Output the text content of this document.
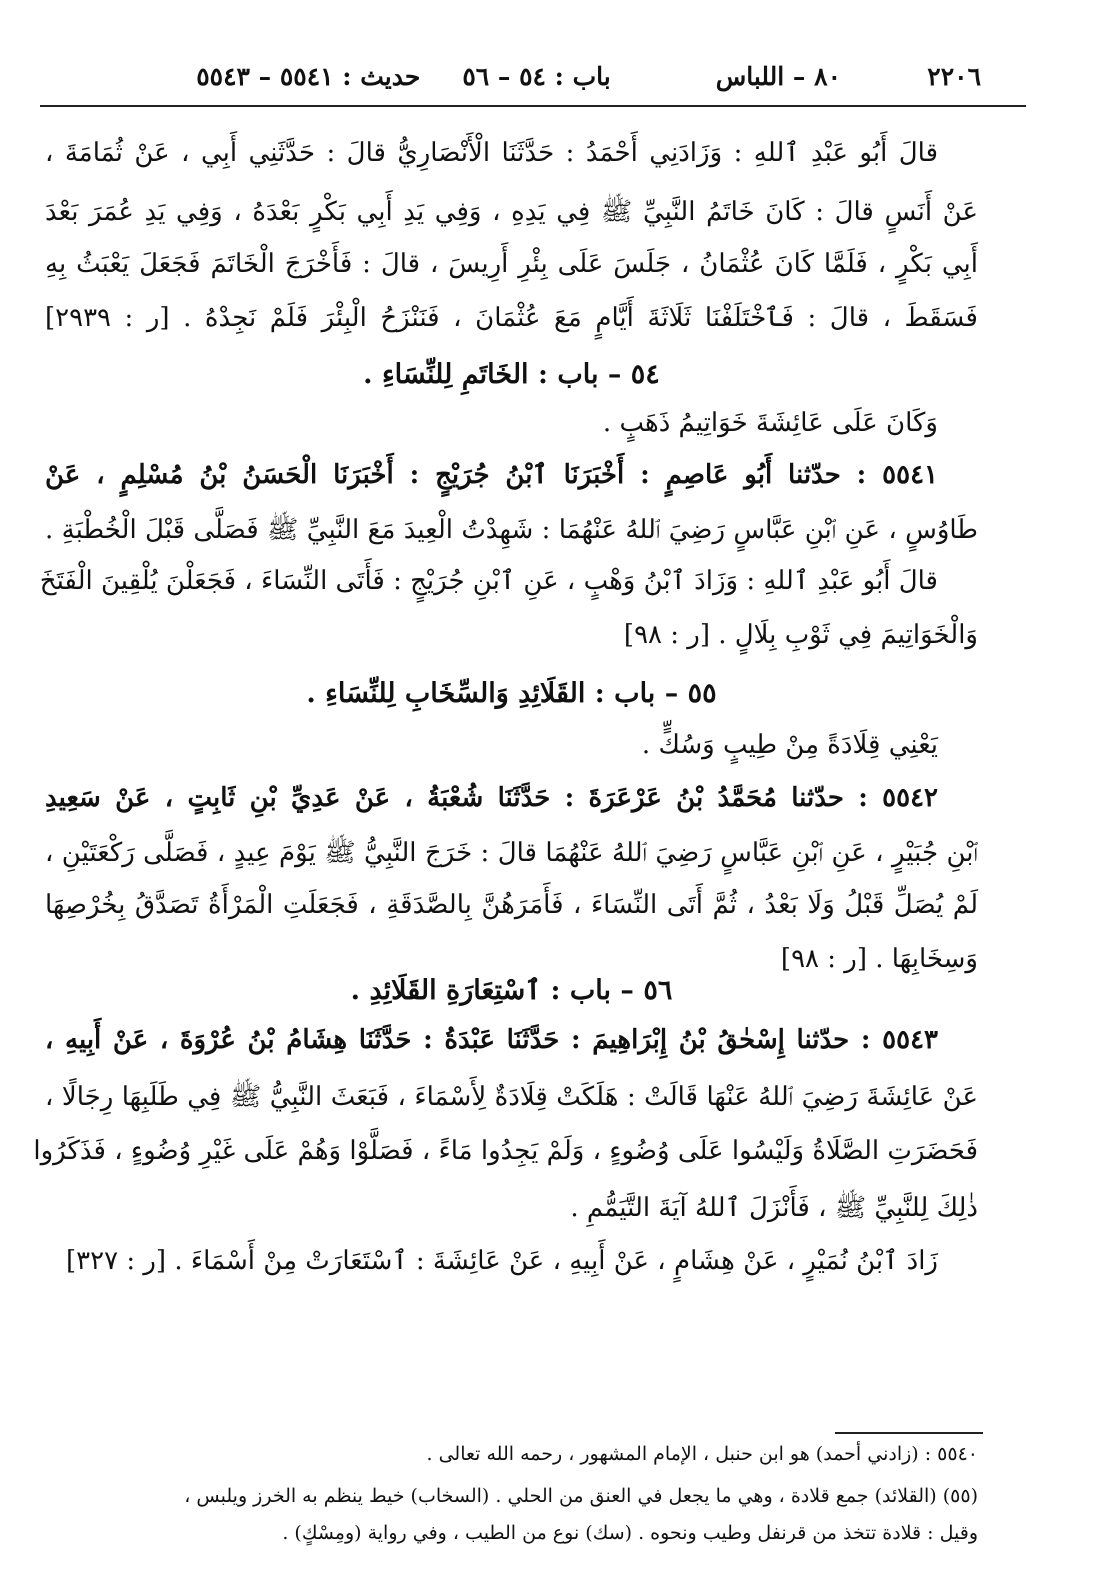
٢٢٠٦
٨٠ – اللباس
باب : ٥٤ – ٥٦
حديث : ٥٥٤١ – ٥٥٤٣
قالَ أَبُو عَبْدِ ٱللهِ : وَزَادَنِي أَحْمَدُ : حَدَّثَنَا الْأَنْصَارِيُّ قالَ : حَدَّثَنِي أَبِي ، عَنْ ثُمَامَةَ ،
عَنْ أَنَسٍ قالَ : كَانَ خَاتَمُ النَّبِيِّ ﷺ فِي يَدِهِ ، وَفِي يَدِ أَبِي بَكْرٍ بَعْدَهُ ، وَفِي يَدِ عُمَرَ بَعْدَ
أَبِي بَكْرٍ ، فَلَمَّا كَانَ عُثْمَانُ ، جَلَسَ عَلَى بِئْرِ أَرِيسَ ، قالَ : فَأَخْرَجَ الْخَاتَمَ فَجَعَلَ يَعْبَثُ بِهِ
فَسَقَطَ ، قالَ : فَٱخْتَلَفْنَا ثَلَاثَةَ أَيَّامٍ مَعَ عُثْمَانَ ، فَنَنْزَحُ الْبِئْرَ فَلَمْ نَجِدْهُ . [ر : ٢٩٣٩]
٥٤ – باب : الخَاتَمِ لِلنِّسَاءِ .
وَكَانَ عَلَى عَائِشَةَ خَوَاتِيمُ ذَهَبٍ .
٥٥٤١ : حدّثنا أَبُو عَاصِمٍ : أَخْبَرَنَا ٱبْنُ جُرَيْجٍ : أَخْبَرَنَا الْحَسَنُ بْنُ مُسْلِمٍ ، عَنْ
طَاوُسٍ ، عَنِ ٱبْنِ عَبَّاسٍ رَضِيَ ٱللهُ عَنْهُمَا : شَهِدْتُ الْعِيدَ مَعَ النَّبِيِّ ﷺ فَصَلَّى قَبْلَ الْخُطْبَةِ .
قالَ أَبُو عَبْدِ ٱللهِ : وَزَادَ ٱبْنُ وَهْبٍ ، عَنِ ٱبْنِ جُرَيْجٍ : فَأَتَى النِّسَاءَ ، فَجَعَلْنَ يُلْقِينَ الْفَتَخَ
وَالْخَوَاتِيمَ فِي ثَوْبِ بِلَالٍ . [ر : ٩٨]
٥٥ – باب : القَلَائِدِ وَالسِّخَابِ لِلنِّسَاءِ .
يَعْنِي قِلَادَةً مِنْ طِيبٍ وَسُكٍّ .
٥٥٤٢ : حدّثنا مُحَمَّدُ بْنُ عَرْعَرَةَ : حَدَّثَنَا شُعْبَةُ ، عَنْ عَدِيِّ بْنِ ثَابِتٍ ، عَنْ سَعِيدِ
ٱبْنِ جُبَيْرٍ ، عَنِ ٱبْنِ عَبَّاسٍ رَضِيَ ٱللهُ عَنْهُمَا قالَ : خَرَجَ النَّبِيُّ ﷺ يَوْمَ عِيدٍ ، فَصَلَّى رَكْعَتَيْنِ ،
لَمْ يُصَلِّ قَبْلُ وَلَا بَعْدُ ، ثُمَّ أَتَى النِّسَاءَ ، فَأَمَرَهُنَّ بِالصَّدَقَةِ ، فَجَعَلَتِ الْمَرْأَةُ تَصَدَّقُ بِخُرْصِهَا
وَسِخَابِهَا . [ر : ٩٨]
٥٦ – باب : ٱسْتِعَارَةِ القَلَائِدِ .
٥٥٤٣ : حدّثنا إِسْحٰقُ بْنُ إِبْرَاهِيمَ : حَدَّثَنَا عَبْدَةُ : حَدَّثَنَا هِشَامُ بْنُ عُرْوَةَ ، عَنْ أَبِيهِ ،
عَنْ عَائِشَةَ رَضِيَ ٱللهُ عَنْهَا قَالَتْ : هَلَكَتْ قِلَادَةٌ لِأَسْمَاءَ ، فَبَعَثَ النَّبِيُّ ﷺ فِي طَلَبِهَا رِجَالًا ،
فَحَضَرَتِ الصَّلَاةُ وَلَيْسُوا عَلَى وُضُوءٍ ، وَلَمْ يَجِدُوا مَاءً ، فَصَلَّوْا وَهُمْ عَلَى غَيْرِ وُضُوءٍ ، فَذَكَرُوا
ذٰلِكَ لِلنَّبِيِّ ﷺ ، فَأَنْزَلَ ٱللهُ آيَةَ التَّيَمُّمِ .
زَادَ ٱبْنُ نُمَيْرٍ ، عَنْ هِشَامٍ ، عَنْ أَبِيهِ ، عَنْ عَائِشَةَ : ٱسْتَعَارَتْ مِنْ أَسْمَاءَ . [ر : ٣٢٧]
٥٥٤٠ : (زادني أحمد) هو ابن حنبل ، الإمام المشهور ، رحمه الله تعالى .
(٥٥) (القلائد) جمع قلادة ، وهي ما يجعل في العنق من الحلي . (السخاب) خيط ينظم به الخرز ويلبس ،
وقيل : قلادة تتخذ من قرنفل وطيب ونحوه . (سك) نوع من الطيب ، وفي رواية (ومِسْكٍ) .
